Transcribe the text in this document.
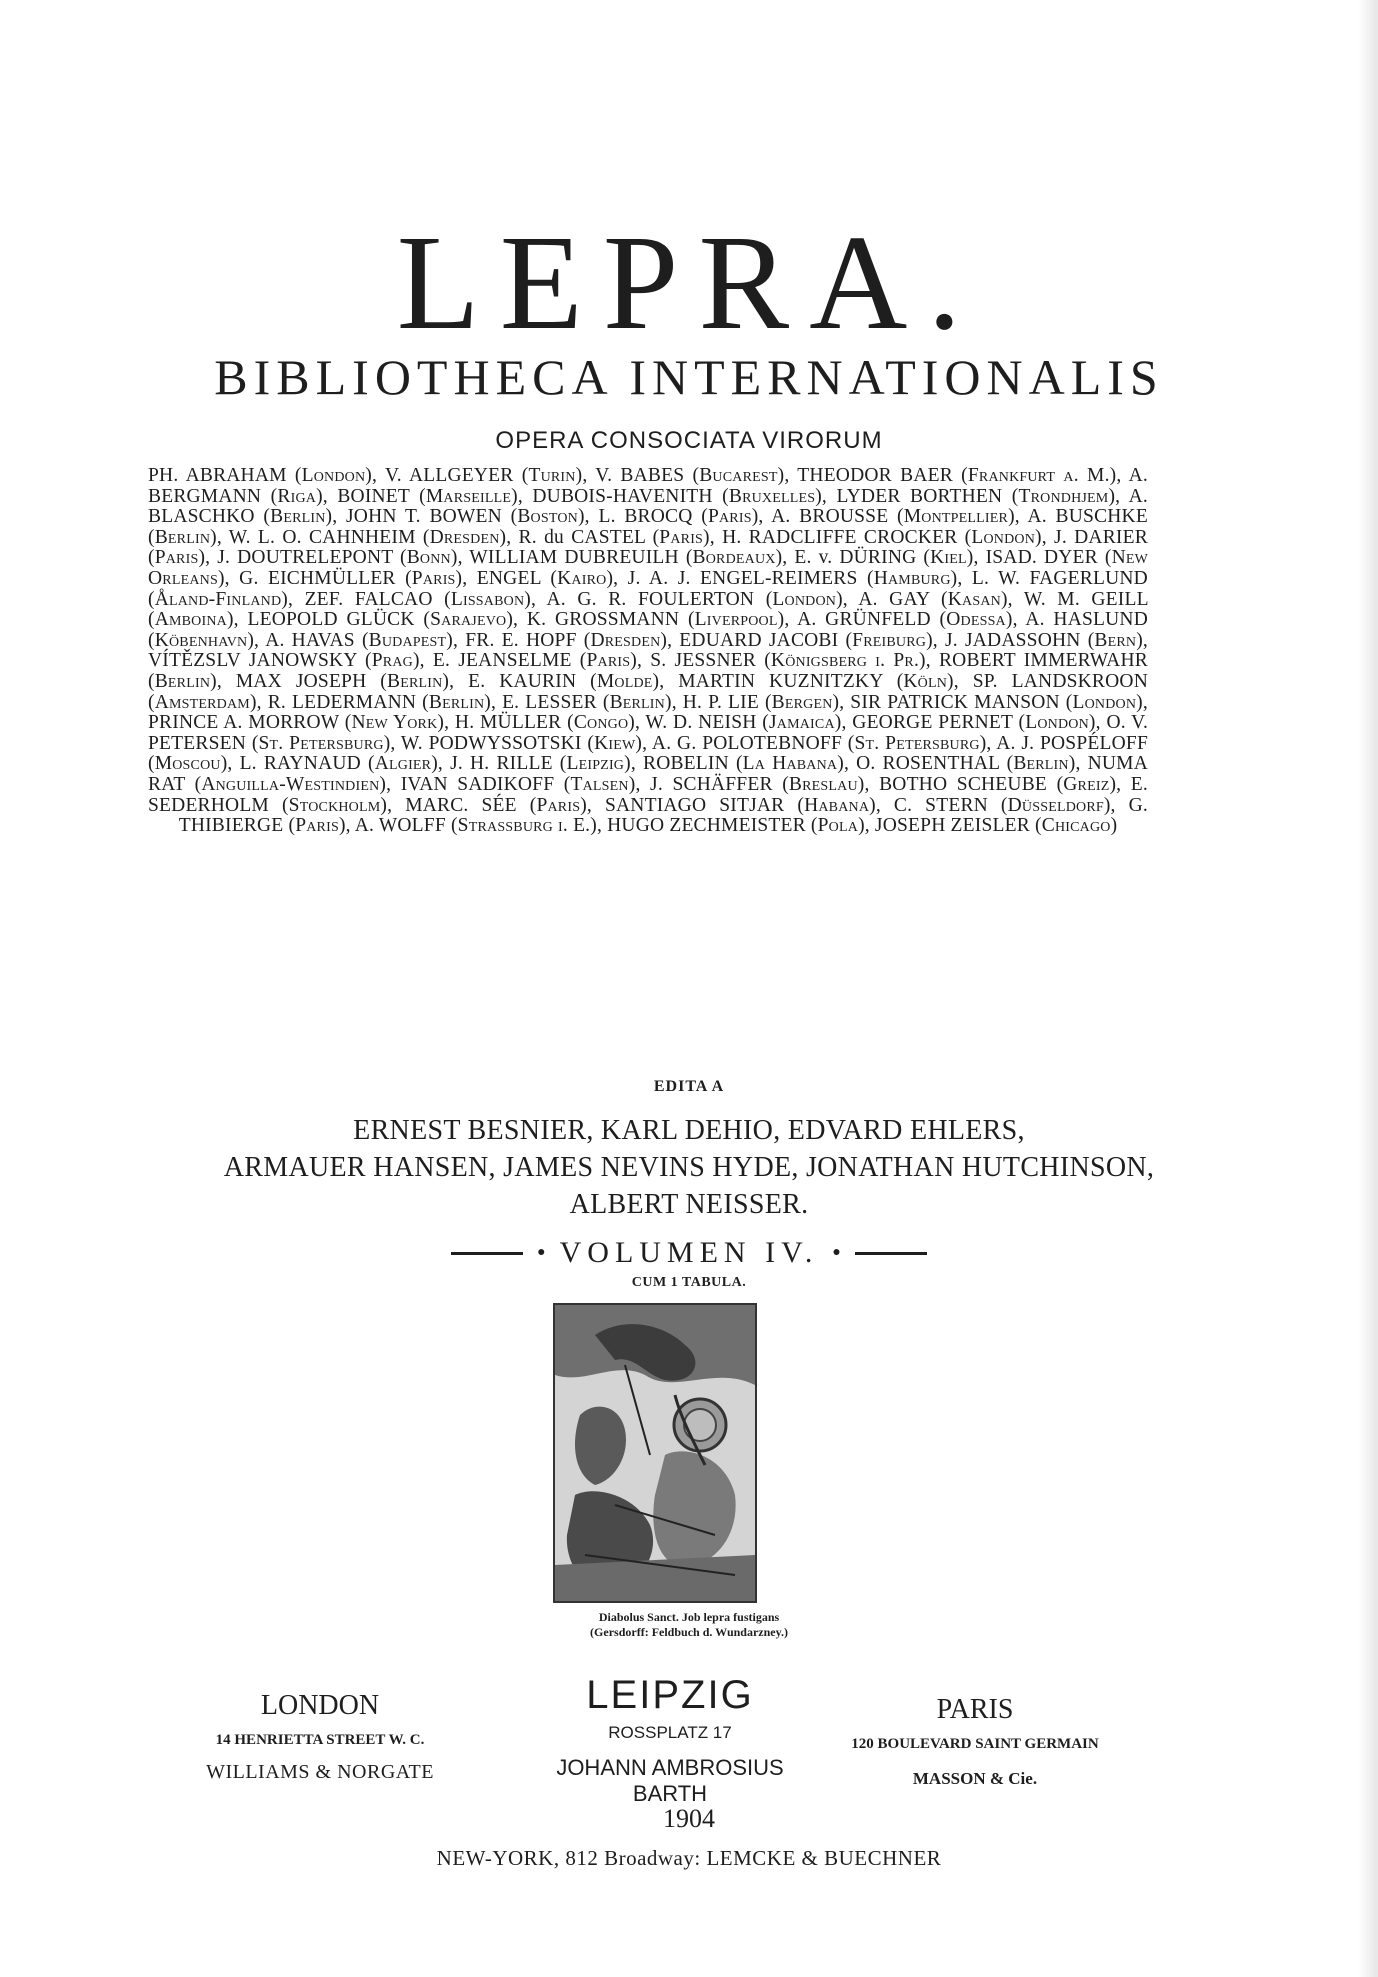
LEPRA.
BIBLIOTHECA INTERNATIONALIS
OPERA CONSOCIATA VIRORUM
PH. ABRAHAM (London), V. ALLGEYER (Turin), V. BABES (Bucarest), THEODOR BAER (Frankfurt a. M.), A. BERGMANN (Riga), BOINET (Marseille), DUBOIS-HAVENITH (Bruxelles), LYDER BORTHEN (Trondhjem), A. BLASCHKO (Berlin), JOHN T. BOWEN (Boston), L. BROCQ (Paris), A. BROUSSE (Montpellier), A. BUSCHKE (Berlin), W. L. O. CAHNHEIM (Dresden), R. du CASTEL (Paris), H. RADCLIFFE CROCKER (London), J. DARIER (Paris), J. DOUTRELEPONT (Bonn), WILLIAM DUBREUILH (Bordeaux), E. v. DÜRING (Kiel), ISAD. DYER (New Orleans), G. EICHMÜLLER (Paris), ENGEL (Kairo), J. A. J. ENGEL-REIMERS (Hamburg), L. W. FAGERLUND (Åland-Finland), ZEF. FALCAO (Lissabon), A. G. R. FOULERTON (London), A. GAY (Kasan), W. M. GEILL (Amboina), LEOPOLD GLÜCK (Sarajevo), K. GROSSMANN (Liverpool), A. GRÜNFELD (Odessa), A. HASLUND (Köbenhavn), A. HAVAS (Budapest), FR. E. HOPF (Dresden), EDUARD JACOBI (Freiburg), J. JADASSOHN (Bern), VÍTĚZSLV JANOWSKY (Prag), E. JEANSELME (Paris), S. JESSNER (Königsberg i. Pr.), ROBERT IMMERWAHR (Berlin), MAX JOSEPH (Berlin), E. KAURIN (Molde), MARTIN KUZNITZKY (Köln), SP. LANDSKROON (Amsterdam), R. LEDERMANN (Berlin), E. LESSER (Berlin), H. P. LIE (Bergen), SIR PATRICK MANSON (London), PRINCE A. MORROW (New York), H. MÜLLER (Congo), W. D. NEISH (Jamaica), GEORGE PERNET (London), O. V. PETERSEN (St. Petersburg), W. PODWYSSOTSKI (Kiew), A. G. POLOTEBNOFF (St. Petersburg), A. J. POSPÉLOFF (Moscou), L. RAYNAUD (Algier), J. H. RILLE (Leipzig), ROBELIN (La Habana), O. ROSENTHAL (Berlin), NUMA RAT (Anguilla-Westindien), IVAN SADIKOFF (Talsen), J. SCHÄFFER (Breslau), BOTHO SCHEUBE (Greiz), E. SEDERHOLM (Stockholm), MARC. SÉE (Paris), SANTIAGO SITJAR (Habana), C. STERN (Düsseldorf), G. THIBIERGE (Paris), A. WOLFF (Strassburg i. E.), HUGO ZECHMEISTER (Pola), JOSEPH ZEISLER (Chicago)
EDITA A
ERNEST BESNIER, KARL DEHIO, EDVARD EHLERS,
ARMAUER HANSEN, JAMES NEVINS HYDE, JONATHAN HUTCHINSON,
ALBERT NEISSER.
● VOLUMEN IV. ●
CUM 1 TABULA.
Diabolus Sanct. Job lepra fustigans
(Gersdorff: Feldbuch d. Wundarzney.)
LONDON
14 HENRIETTA STREET W. C.
WILLIAMS & NORGATE
LEIPZIG
ROSSPLATZ 17
JOHANN AMBROSIUS BARTH
PARIS
120 BOULEVARD SAINT GERMAIN
MASSON & Cie.
1904
NEW-YORK, 812 Broadway: LEMCKE & BUECHNER
